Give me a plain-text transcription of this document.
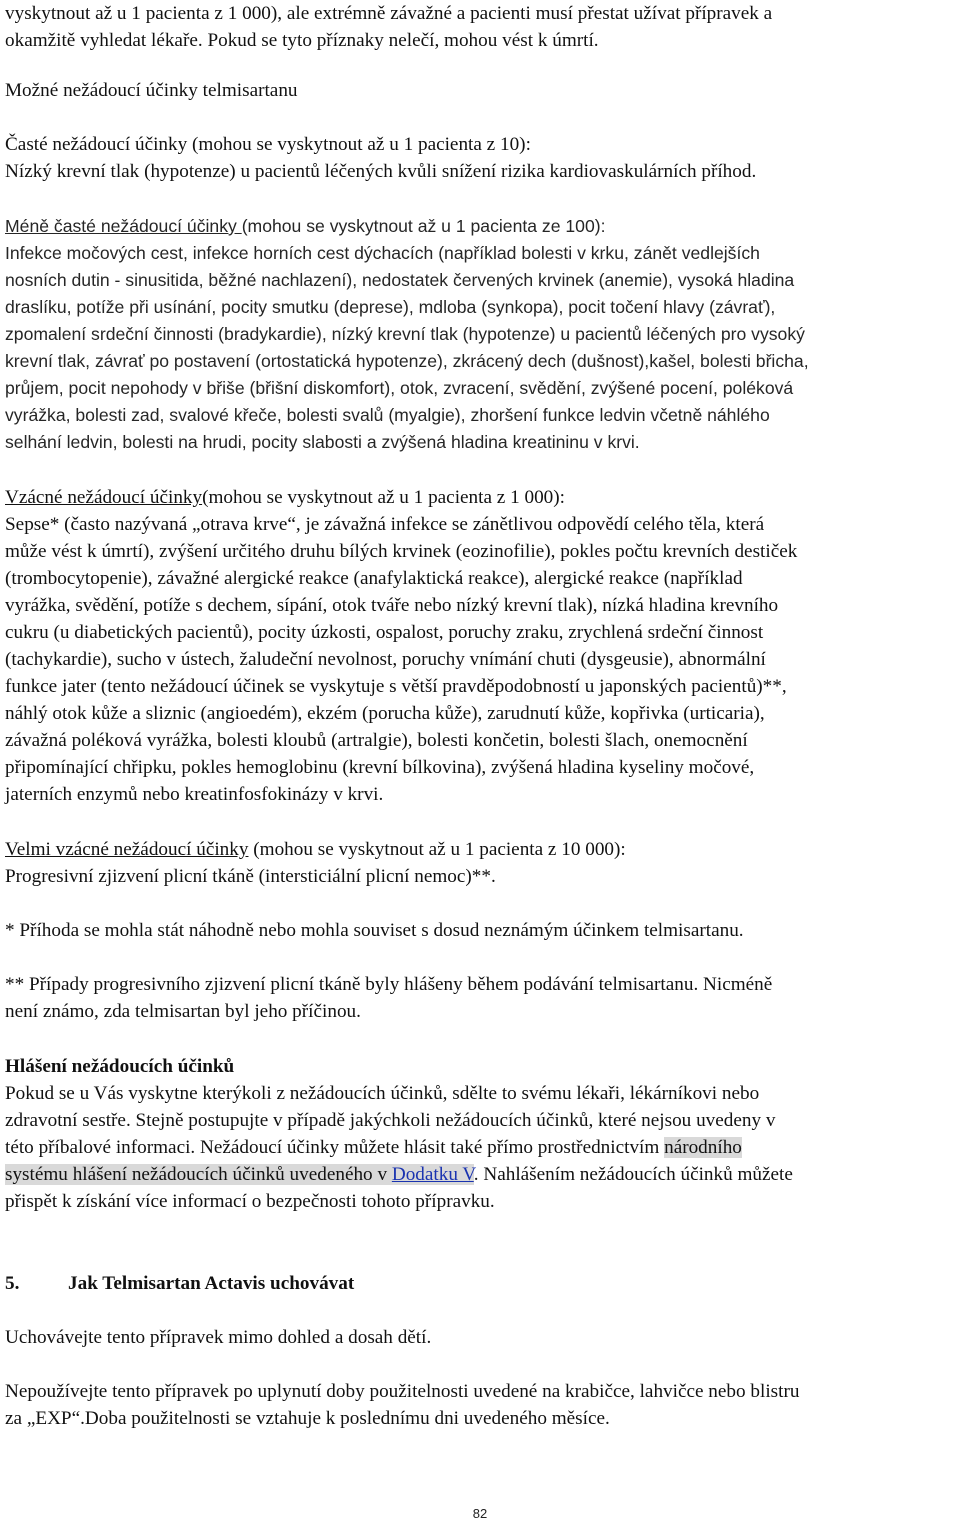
vyskytnout až u 1 pacienta z 1 000), ale extrémně závažné a pacienti musí přestat užívat přípravek a
okamžitě vyhledat lékaře. Pokud se tyto příznaky nelečí, mohou vést k úmrtí.
Možné nežádoucí účinky telmisartanu
Časté nežádoucí účinky (mohou se vyskytnout až u 1 pacienta z 10):
Nízký krevní tlak (hypotenze) u pacientů léčených kvůli snížení rizika kardiovaskulárních příhod.
Méně časté nežádoucí účinky (mohou se vyskytnout až u 1 pacienta ze 100):
Infekce močových cest, infekce horních cest dýchacích (například bolesti v krku, zánět vedlejších
nosních dutin - sinusitida, běžné nachlazení), nedostatek červených krvinek (anemie), vysoká hladina
draslíku, potíže při usínání, pocity smutku (deprese), mdloba (synkopa), pocit točení hlavy (závrať),
zpomalení srdeční činnosti (bradykardie), nízký krevní tlak (hypotenze) u pacientů léčených pro vysoký
krevní tlak, závrať po postavení (ortostatická hypotenze), zkrácený dech (dušnost),kašel, bolesti břicha,
průjem, pocit nepohody v břiše (břišní diskomfort), otok, zvracení, svědění, zvýšené pocení, poléková
vyrážka, bolesti zad, svalové křeče, bolesti svalů (myalgie), zhoršení funkce ledvin včetně náhlého
selhání ledvin, bolesti na hrudi, pocity slabosti a zvýšená hladina kreatininu v krvi.
Vzácné nežádoucí účinky(mohou se vyskytnout až u 1 pacienta z 1 000):
Sepse* (často nazývaná „otrava krve“, je závažná infekce se zánětlivou odpovědí celého těla, která
může vést k úmrtí), zvýšení určitého druhu bílých krvinek (eozinofilie), pokles počtu krevních destiček
(trombocytopenie), závažné alergické reakce (anafylaktická reakce), alergické reakce (například
vyrážka, svědění, potíže s dechem, sípání, otok tváře nebo nízký krevní tlak), nízká hladina krevního
cukru (u diabetických pacientů), pocity úzkosti, ospalost, poruchy zraku, zrychlená srdeční činnost
(tachykardie), sucho v ústech, žaludeční nevolnost, poruchy vnímání chuti (dysgeusie), abnormální
funkce jater (tento nežádoucí účinek se vyskytuje s větší pravděpodobností u japonských pacientů)**,
náhlý otok kůže a sliznic (angioedém), ekzém (porucha kůže), zarudnutí kůže, kopřivka (urticaria),
závažná poléková vyrážka, bolesti kloubů (artralgie), bolesti končetin, bolesti šlach, onemocnění
připomínající chřipku, pokles hemoglobinu (krevní bílkovina), zvýšená hladina kyseliny močové,
jaterních enzymů nebo kreatinfosfokinázy v krvi.
Velmi vzácné nežádoucí účinky (mohou se vyskytnout až u 1 pacienta z 10 000):
Progresivní zjizvení plicní tkáně (intersticiální plicní nemoc)**.
* Příhoda se mohla stát náhodně nebo mohla souviset s dosud neznámým účinkem telmisartanu.
** Případy progresivního zjizvení plicní tkáně byly hlášeny během podávání telmisartanu. Nicméně
není známo, zda telmisartan byl jeho příčinou.
Hlášení nežádoucích účinků
Pokud se u Vás vyskytne kterýkoli z nežádoucích účinků, sdělte to svému lékaři, lékárníkovi nebo
zdravotní sestře. Stejně postupujte v případě jakýchkoli nežádoucích účinků, které nejsou uvedeny v
této příbalové informaci. Nežádoucí účinky můžete hlásit také přímo prostřednictvím národního
systému hlášení nežádoucích účinků uvedeného v Dodatku V. Nahlášením nežádoucích účinků můžete
přispět k získání více informací o bezpečnosti tohoto přípravku.
5.	Jak Telmisartan Actavis uchovávat
Uchovávejte tento přípravek mimo dohled a dosah dětí.
Nepoužívejte tento přípravek po uplynutí doby použitelnosti uvedené na krabičce, lahvičce nebo blistru
za „EXP“.Doba použitelnosti se vztahuje k poslednímu dni uvedeného měsíce.
82
